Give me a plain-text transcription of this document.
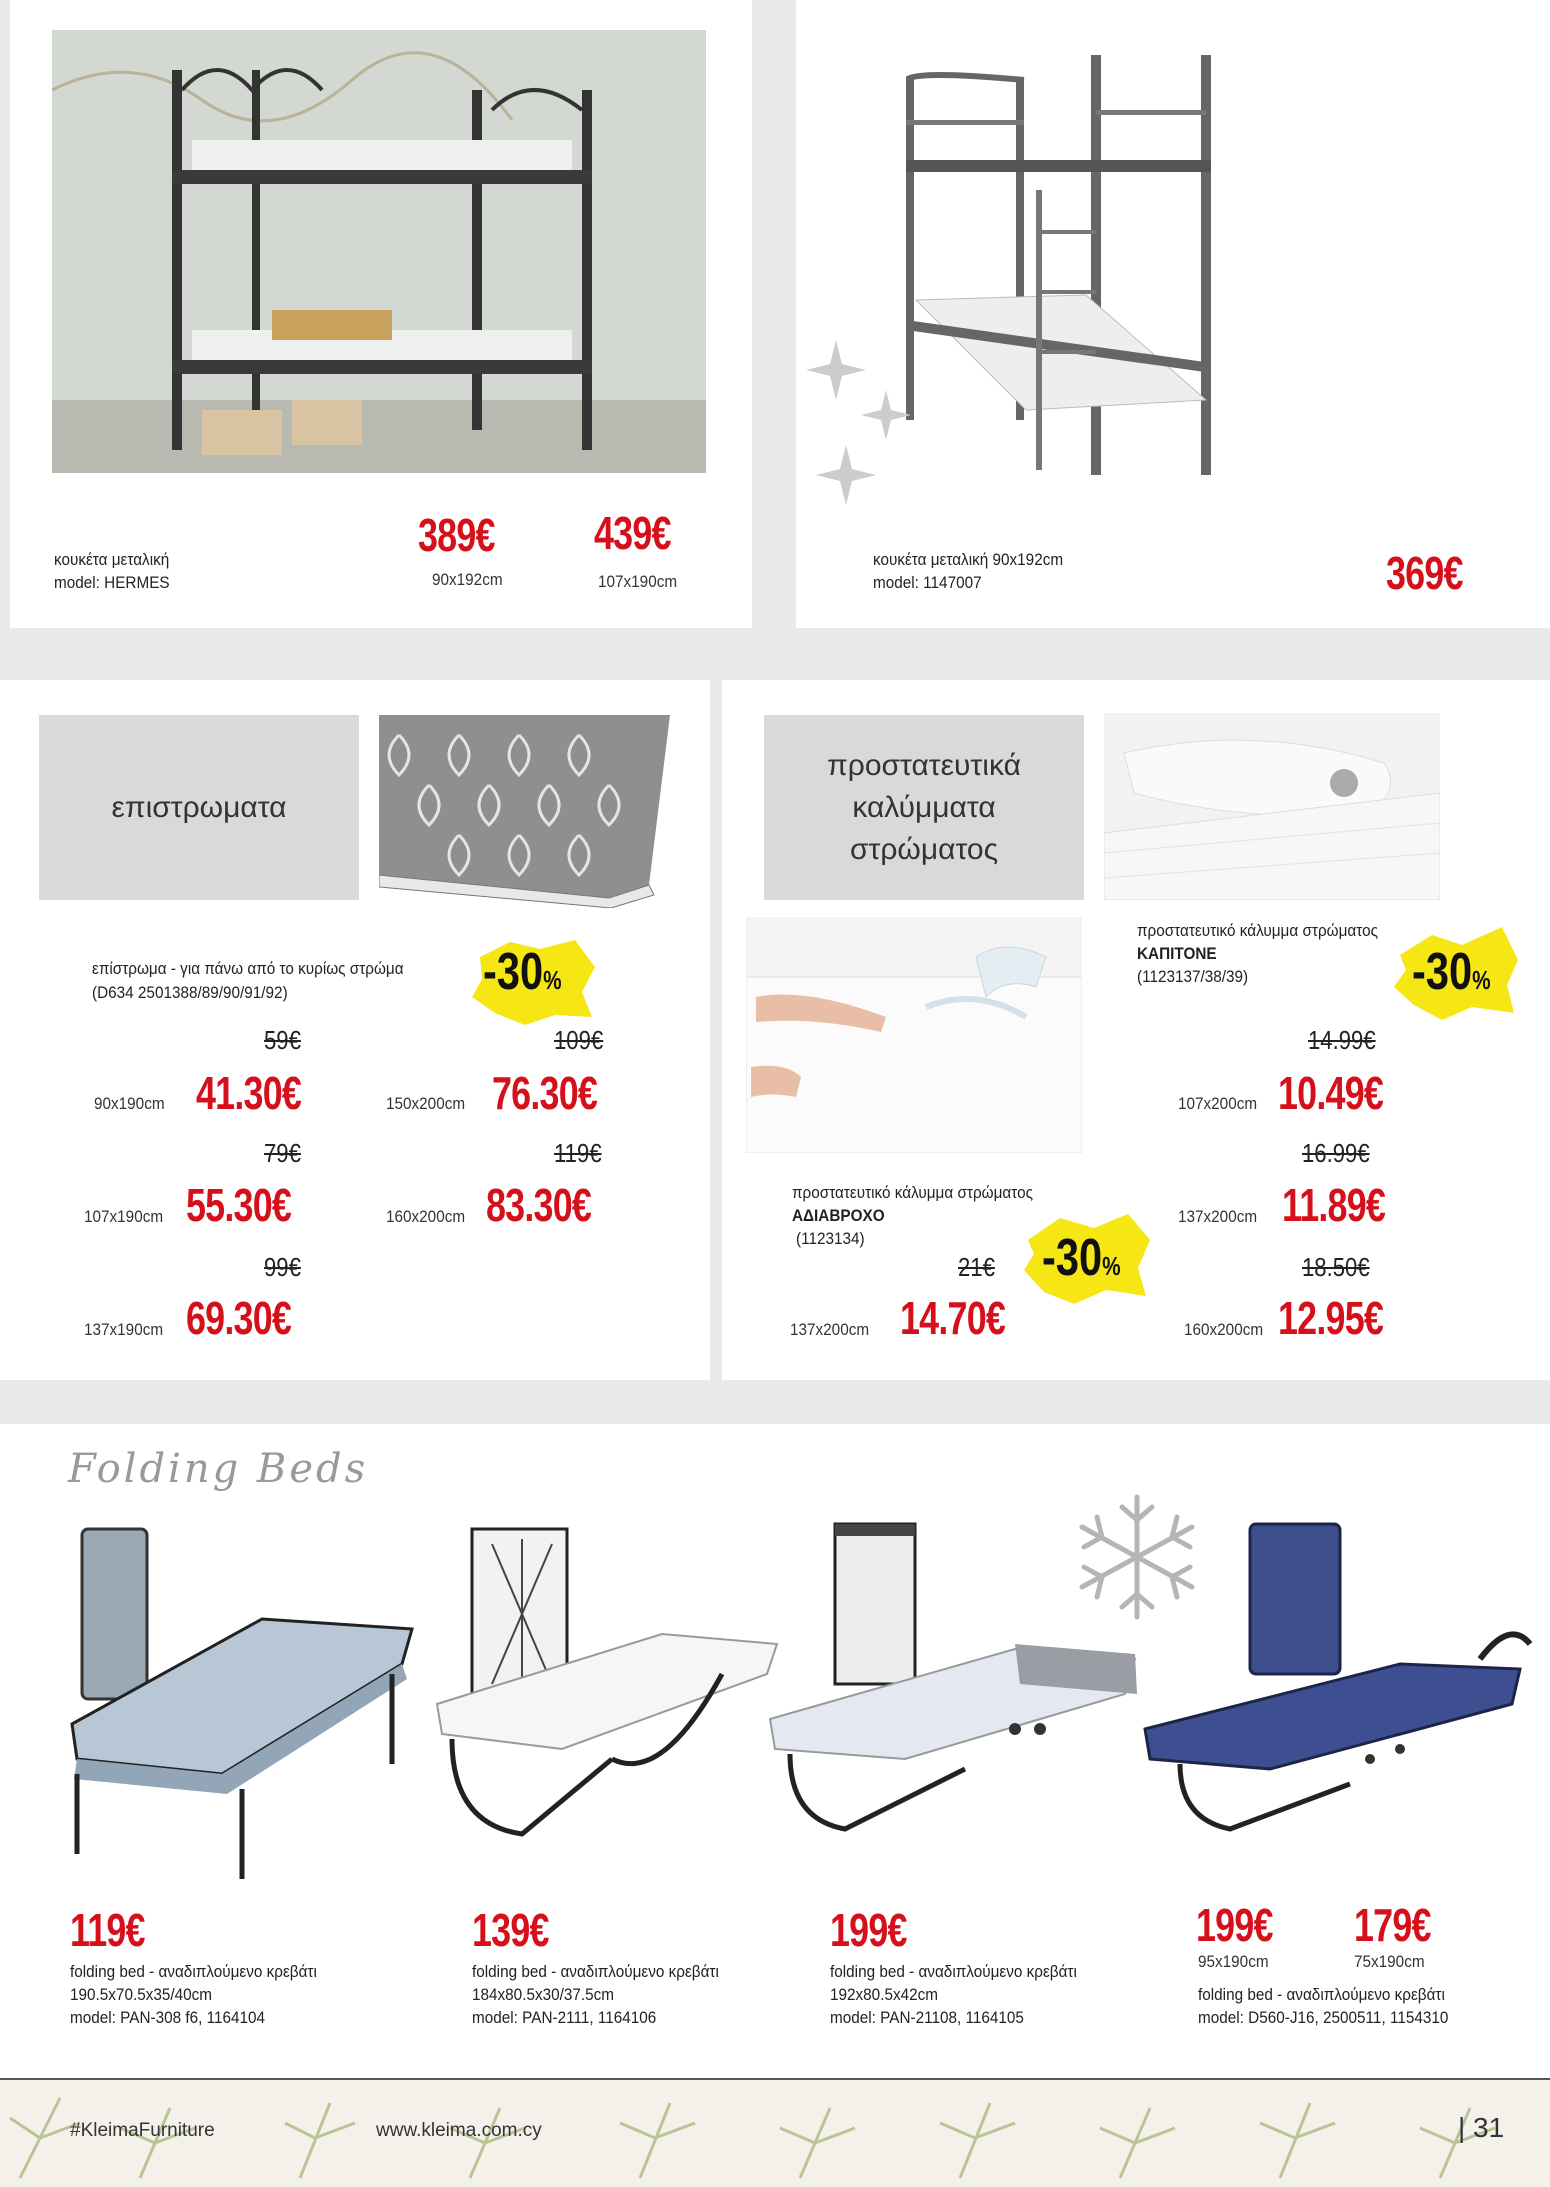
κουκέτα μεταλική
model: HERMES
389€
90x192cm
439€
107x190cm
κουκέτα μεταλική 90x192cm
model: 1147007	369€
επιστρωματα
επίστρωμα - για πάνω από το κυρίως στρώμα
(D634 2501388/89/90/91/92)	-30%
59€
90x190cm 41.30€
109€
150x200cm 76.30€
79€
107x190cm 55.30€
119€
160x200cm 83.30€
99€
137x190cm 69.30€
προστατευτικά
καλύμματα
στρώματος
προστατευτικό κάλυμμα στρώματος
ΚΑΠΙΤΟΝΕ
(1123137/38/39)	-30%
14.99€
107x200cm 10.49€
16.99€
137x200cm 11.89€
18.50€
160x200cm 12.95€
προστατευτικό κάλυμμα στρώματος
ΑΔΙΑΒΡΟΧΟ
(1123134)	-30%
21€
137x200cm 14.70€
Folding Beds
119€
folding bed - αναδιπλούμενο κρεβάτι
190.5x70.5x35/40cm
model: PAN-308 f6, 1164104
139€
folding bed - αναδιπλούμενο κρεβάτι
184x80.5x30/37.5cm
model: PAN-2111, 1164106
199€
folding bed - αναδιπλούμενο κρεβάτι
192x80.5x42cm
model: PAN-21108, 1164105
199€
95x190cm
179€
75x190cm
folding bed - αναδιπλούμενο κρεβάτι
model: D560-J16, 2500511, 1154310
#KleimaFurniture	www.kleima.com.cy	| 31
